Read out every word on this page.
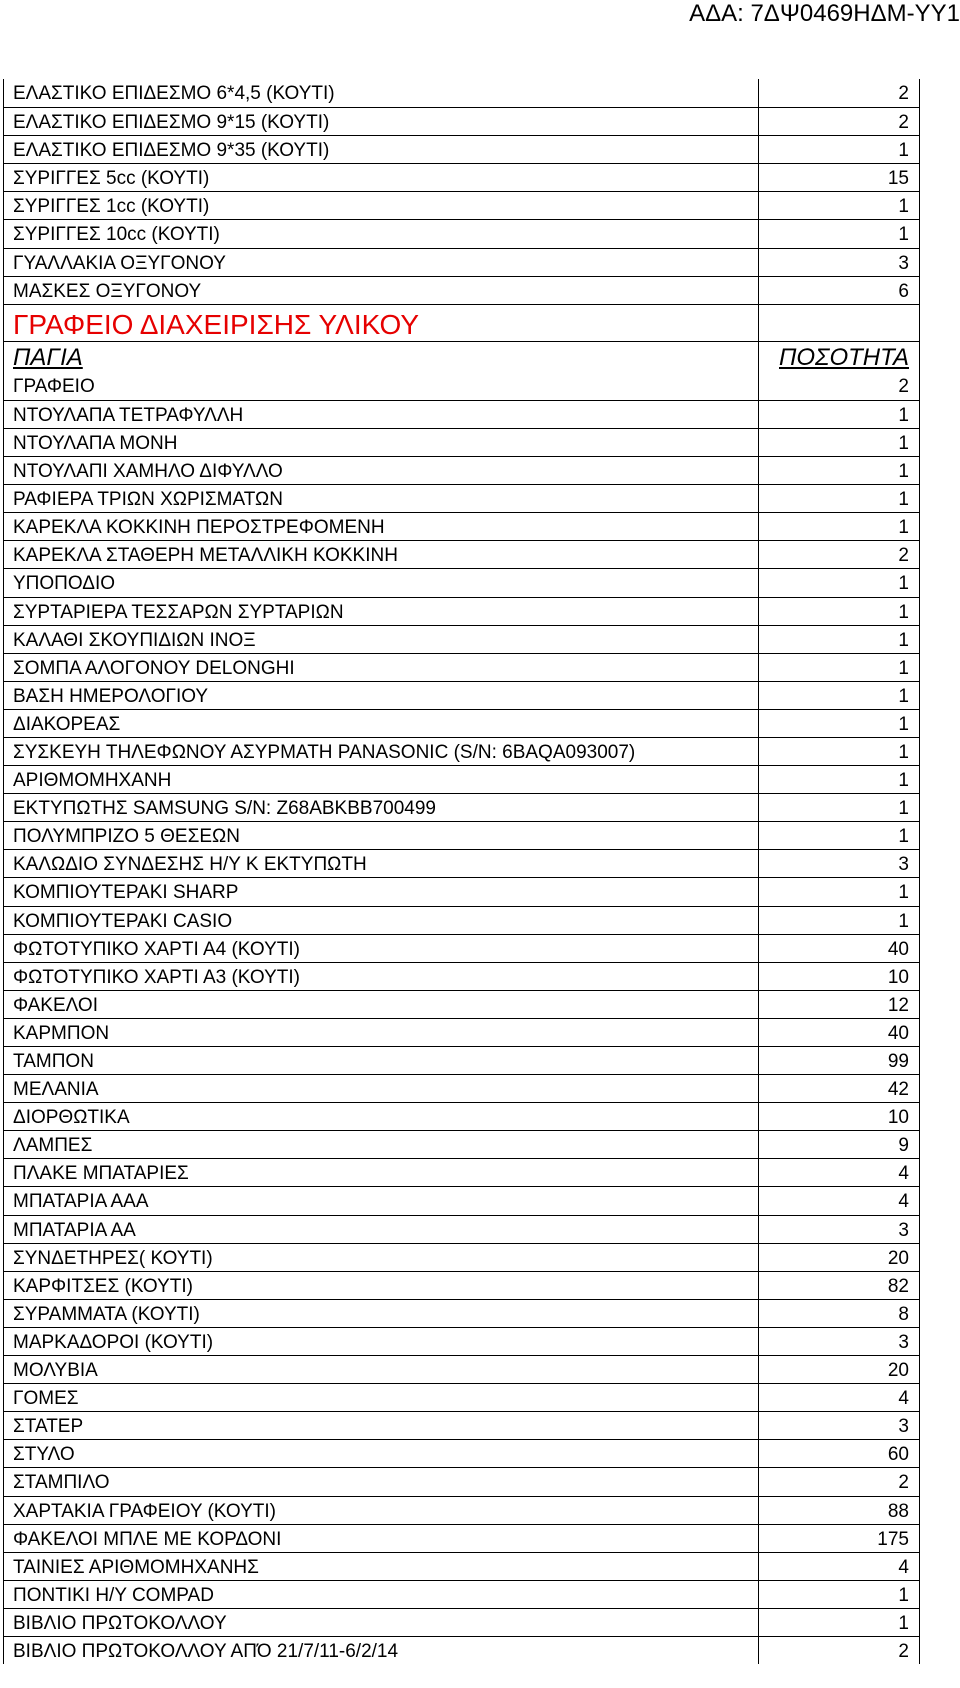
ΑΔΑ: 7ΔΨ0469ΗΔΜ-ΥΥ1
ΕΛΑΣΤΙΚΟ ΕΠΙΔΕΣΜΟ 6*4,5 (ΚΟΥΤΙ)	2
ΕΛΑΣΤΙΚΟ ΕΠΙΔΕΣΜΟ 9*15 (ΚΟΥΤΙ)	2
ΕΛΑΣΤΙΚΟ ΕΠΙΔΕΣΜΟ 9*35 (ΚΟΥΤΙ)	1
ΣΥΡΙΓΓΕΣ 5cc (ΚΟΥΤΙ)	15
ΣΥΡΙΓΓΕΣ 1cc (ΚΟΥΤΙ)	1
ΣΥΡΙΓΓΕΣ 10cc (ΚΟΥΤΙ)	1
ΓΥΑΛΛΑΚΙΑ ΟΞΥΓΟΝΟΥ	3
ΜΑΣΚΕΣ ΟΞΥΓΟΝΟΥ	6
ΓΡΑΦΕΙΟ ΔΙΑΧΕΙΡΙΣΗΣ ΥΛΙΚΟΥ
ΠΑΓΙΑ	ΠΟΣΟΤΗΤΑ
ΓΡΑΦΕΙΟ	2
ΝΤΟΥΛΑΠΑ ΤΕΤΡΑΦΥΛΛΗ	1
ΝΤΟΥΛΑΠΑ ΜΟΝΗ	1
ΝΤΟΥΛΑΠΙ ΧΑΜΗΛΟ ΔΙΦΥΛΛΟ	1
ΡΑΦΙΕΡΑ ΤΡΙΩΝ ΧΩΡΙΣΜΑΤΩΝ	1
ΚΑΡΕΚΛΑ ΚΟΚΚΙΝΗ ΠΕΡΟΣΤΡΕΦΟΜΕΝΗ	1
ΚΑΡΕΚΛΑ ΣΤΑΘΕΡΗ ΜΕΤΑΛΛΙΚΗ ΚΟΚΚΙΝΗ	2
ΥΠΟΠΟΔΙΟ	1
ΣΥΡΤΑΡΙΕΡΑ ΤΕΣΣΑΡΩΝ ΣΥΡΤΑΡΙΩΝ	1
ΚΑΛΑΘΙ ΣΚΟΥΠΙΔΙΩΝ ΙΝΟΞ	1
ΣΟΜΠΑ ΑΛΟΓΟΝΟΥ DELONGHI	1
ΒΑΣΗ ΗΜΕΡΟΛΟΓΙΟΥ	1
ΔΙΑΚΟΡΕΑΣ	1
ΣΥΣΚΕΥΗ ΤΗΛΕΦΩΝΟΥ ΑΣΥΡΜΑΤΗ PANASONIC (S/N: 6BAQA093007)	1
ΑΡΙΘΜΟΜΗΧΑΝΗ	1
ΕΚΤΥΠΩΤΗΣ SAMSUNG S/N: Z68ABKBB700499	1
ΠΟΛΥΜΠΡΙΖΟ 5 ΘΕΣΕΩΝ	1
ΚΑΛΩΔΙΟ ΣΥΝΔΕΣΗΣ Η/Υ Κ ΕΚΤΥΠΩΤΗ	3
ΚΟΜΠΙΟΥΤΕΡΑΚΙ SHARP	1
ΚΟΜΠΙΟΥΤΕΡΑΚΙ CASIO	1
ΦΩΤΟΤΥΠΙΚΟ ΧΑΡΤΙ Α4 (ΚΟΥΤΙ)	40
ΦΩΤΟΤΥΠΙΚΟ ΧΑΡΤΙ Α3 (ΚΟΥΤΙ)	10
ΦΑΚΕΛΟΙ	12
ΚΑΡΜΠΟΝ	40
ΤΑΜΠΟΝ	99
ΜΕΛΑΝΙΑ	42
ΔΙΟΡΘΩΤΙΚΑ	10
ΛΑΜΠΕΣ	9
ΠΛΑΚΕ ΜΠΑΤΑΡΙΕΣ	4
ΜΠΑΤΑΡΙΑ ΑΑΑ	4
ΜΠΑΤΑΡΙΑ ΑΑ	3
ΣΥΝΔΕΤΗΡΕΣ( ΚΟΥΤΙ)	20
ΚΑΡΦΙΤΣΕΣ (ΚΟΥΤΙ)	82
ΣΥΡΑΜΜΑΤΑ (ΚΟΥΤΙ)	8
ΜΑΡΚΑΔΟΡΟΙ (ΚΟΥΤΙ)	3
ΜΟΛΥΒΙΑ	20
ΓΟΜΕΣ	4
ΣΤΑΤΕΡ	3
ΣΤΥΛΟ	60
ΣΤΑΜΠΙΛΟ	2
ΧΑΡΤΑΚΙΑ ΓΡΑΦΕΙΟΥ (ΚΟΥΤΙ)	88
ΦΑΚΕΛΟΙ ΜΠΛΕ ΜΕ ΚΟΡΔΟΝΙ	175
ΤΑΙΝΙΕΣ ΑΡΙΘΜΟΜΗΧΑΝΗΣ	4
ΠΟΝΤΙΚΙ Η/Υ COMPAD	1
ΒΙΒΛΙΟ ΠΡΩΤΟΚΟΛΛΟΥ	1
ΒΙΒΛΙΟ ΠΡΩΤΟΚΟΛΛΟΥ ΑΠΌ 21/7/11-6/2/14	2
